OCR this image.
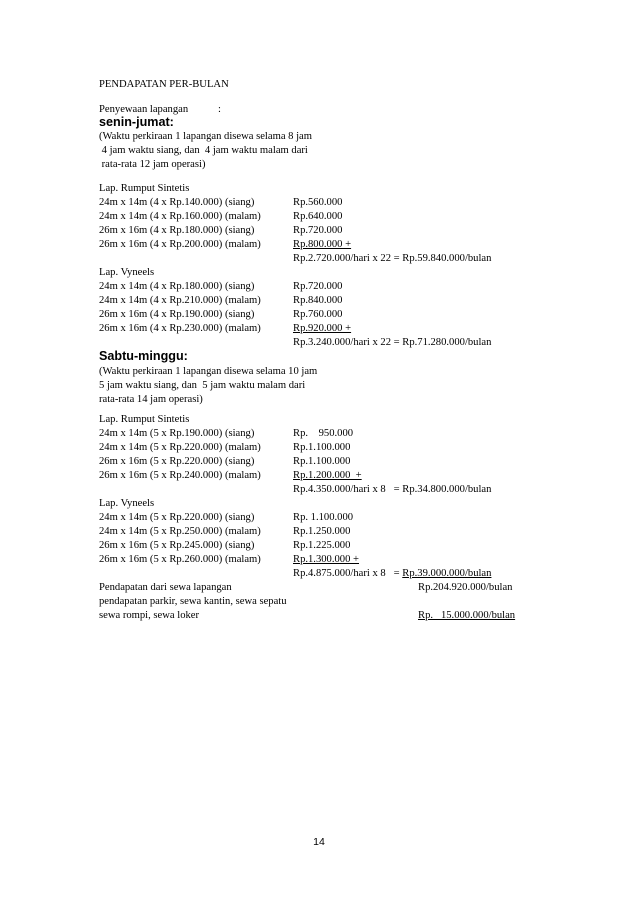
PENDAPATAN PER-BULAN
Penyewaan lapangan	:
senin-jumat:
(Waktu perkiraan 1 lapangan disewa selama 8 jam
4 jam waktu siang, dan  4 jam waktu malam dari
rata-rata 12 jam operasi)
Lap. Rumput Sintetis
24m x 14m (4 x Rp.140.000) (siang)	Rp.560.000
24m x 14m (4 x Rp.160.000) (malam)	Rp.640.000
26m x 16m (4 x Rp.180.000) (siang)	Rp.720.000
26m x 16m (4 x Rp.200.000) (malam)	Rp.800.000 +
Rp.2.720.000/hari x 22 = Rp.59.840.000/bulan
Lap. Vyneels
24m x 14m (4 x Rp.180.000) (siang)	Rp.720.000
24m x 14m (4 x Rp.210.000) (malam)	Rp.840.000
26m x 16m (4 x Rp.190.000) (siang)	Rp.760.000
26m x 16m (4 x Rp.230.000) (malam)	Rp.920.000 +
Rp.3.240.000/hari x 22 = Rp.71.280.000/bulan
Sabtu-minggu:
(Waktu perkiraan 1 lapangan disewa selama 10 jam
5 jam waktu siang, dan  5 jam waktu malam dari
rata-rata 14 jam operasi)
Lap. Rumput Sintetis
24m x 14m (5 x Rp.190.000) (siang)	Rp.    950.000
24m x 14m (5 x Rp.220.000) (malam)	Rp.1.100.000
26m x 16m (5 x Rp.220.000) (siang)	Rp.1.100.000
26m x 16m (5 x Rp.240.000) (malam)	Rp.1.200.000  +
Rp.4.350.000/hari x 8   = Rp.34.800.000/bulan
Lap. Vyneels
24m x 14m (5 x Rp.220.000) (siang)	Rp. 1.100.000
24m x 14m (5 x Rp.250.000) (malam)	Rp.1.250.000
26m x 16m (5 x Rp.245.000) (siang)	Rp.1.225.000
26m x 16m (5 x Rp.260.000) (malam)	Rp.1.300.000 +
Rp.4.875.000/hari x 8   = Rp.39.000.000/bulan
Pendapatan dari sewa lapangan	Rp.204.920.000/bulan
pendapatan parkir, sewa kantin, sewa sepatu
sewa rompi, sewa loker	Rp.   15.000.000/bulan
14
